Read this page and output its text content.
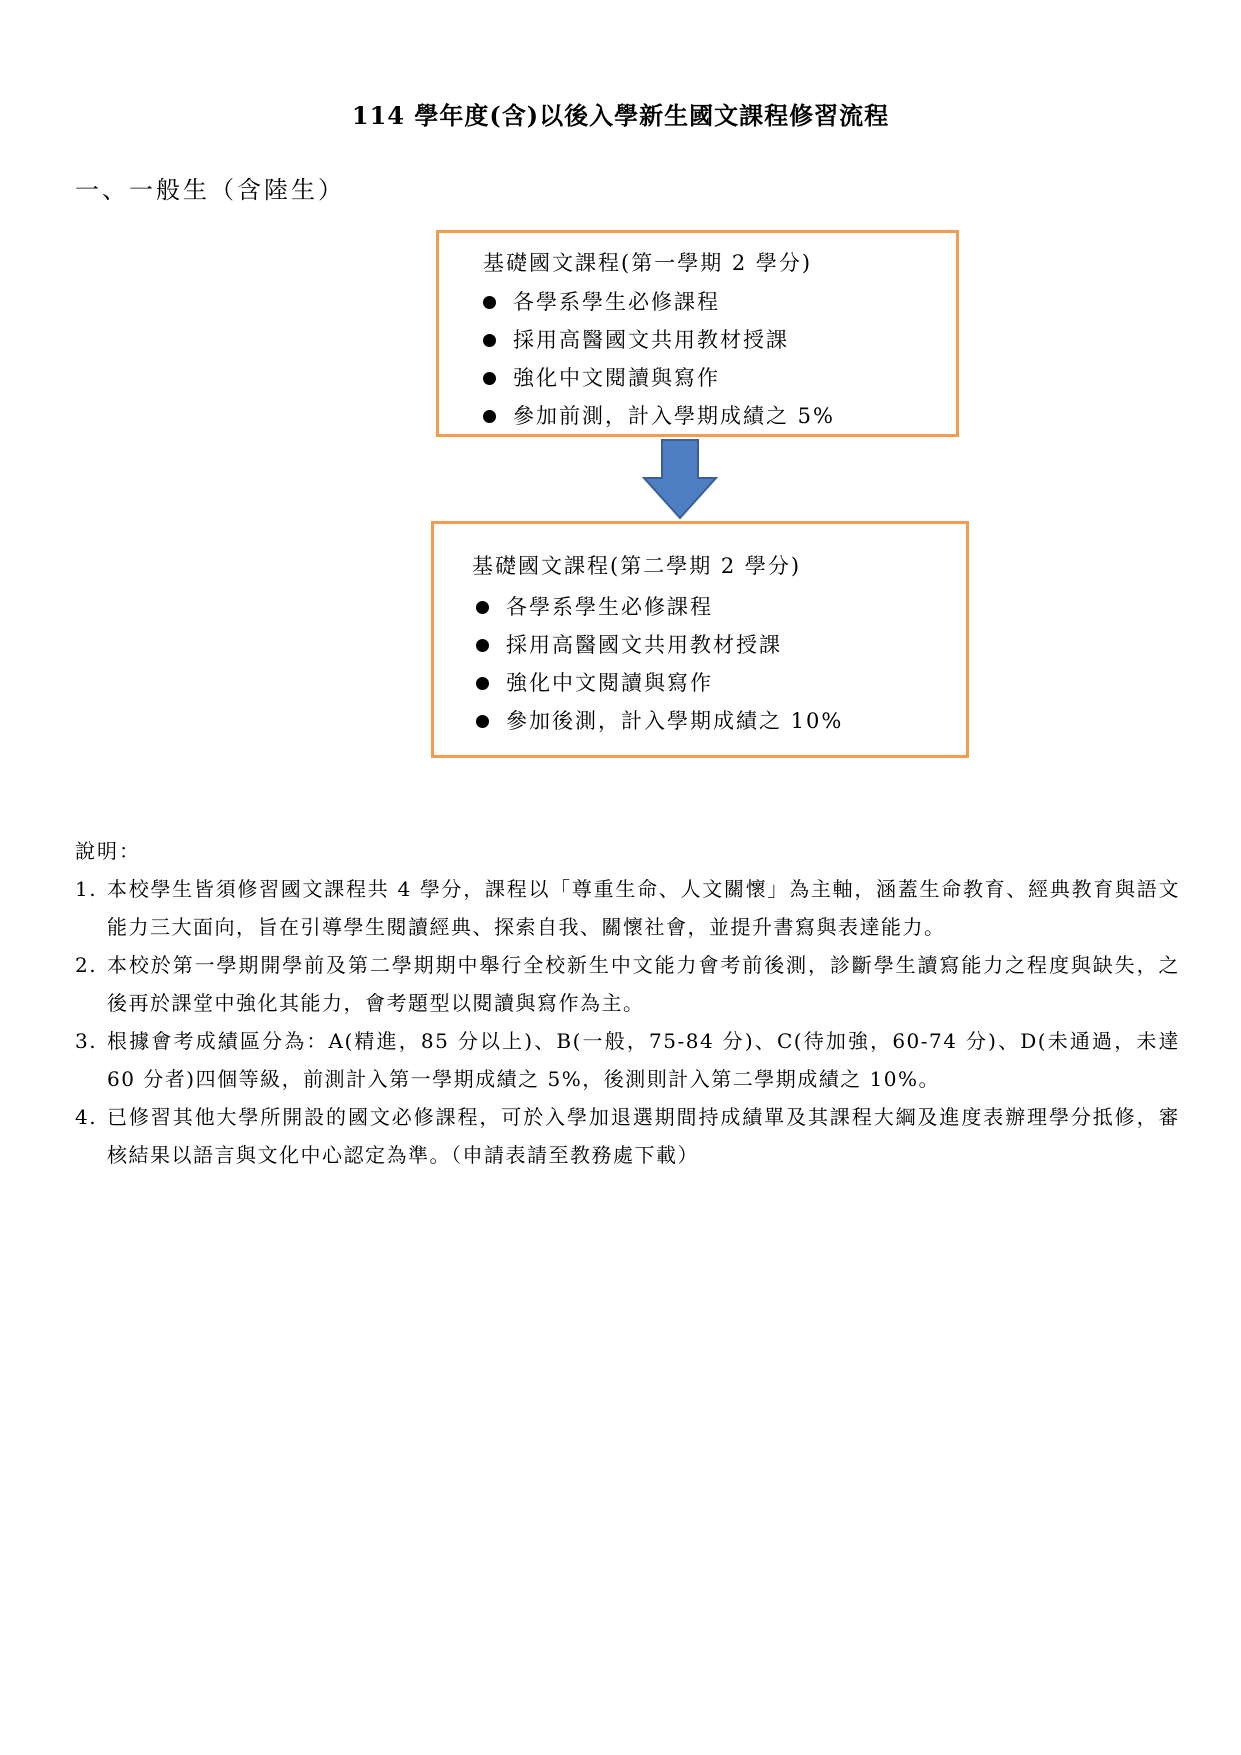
114 學年度(含)以後入學新生國文課程修習流程
一、一般生（含陸生）
基礎國文課程(第一學期 2 學分)
各學系學生必修課程
採用高醫國文共用教材授課
強化中文閱讀與寫作
參加前測，計入學期成績之 5%
基礎國文課程(第二學期 2 學分)
各學系學生必修課程
採用高醫國文共用教材授課
強化中文閱讀與寫作
參加後測，計入學期成績之 10%
說明：
1. 本校學生皆須修習國文課程共 4 學分，課程以「尊重生命、人文關懷」為主軸，涵蓋生命教育、經典教育與語文能力三大面向，旨在引導學生閱讀經典、探索自我、關懷社會，並提升書寫與表達能力。
2. 本校於第一學期開學前及第二學期期中舉行全校新生中文能力會考前後測，診斷學生讀寫能力之程度與缺失，之後再於課堂中強化其能力，會考題型以閱讀與寫作為主。
3. 根據會考成績區分為：A(精進，85 分以上)、B(一般，75-84 分)、C(待加強，60-74 分)、D(未通過，未達 60 分者)四個等級，前測計入第一學期成績之 5%，後測則計入第二學期成績之 10%。
4. 已修習其他大學所開設的國文必修課程，可於入學加退選期間持成績單及其課程大綱及進度表辦理學分抵修，審核結果以語言與文化中心認定為準。（申請表請至教務處下載）
